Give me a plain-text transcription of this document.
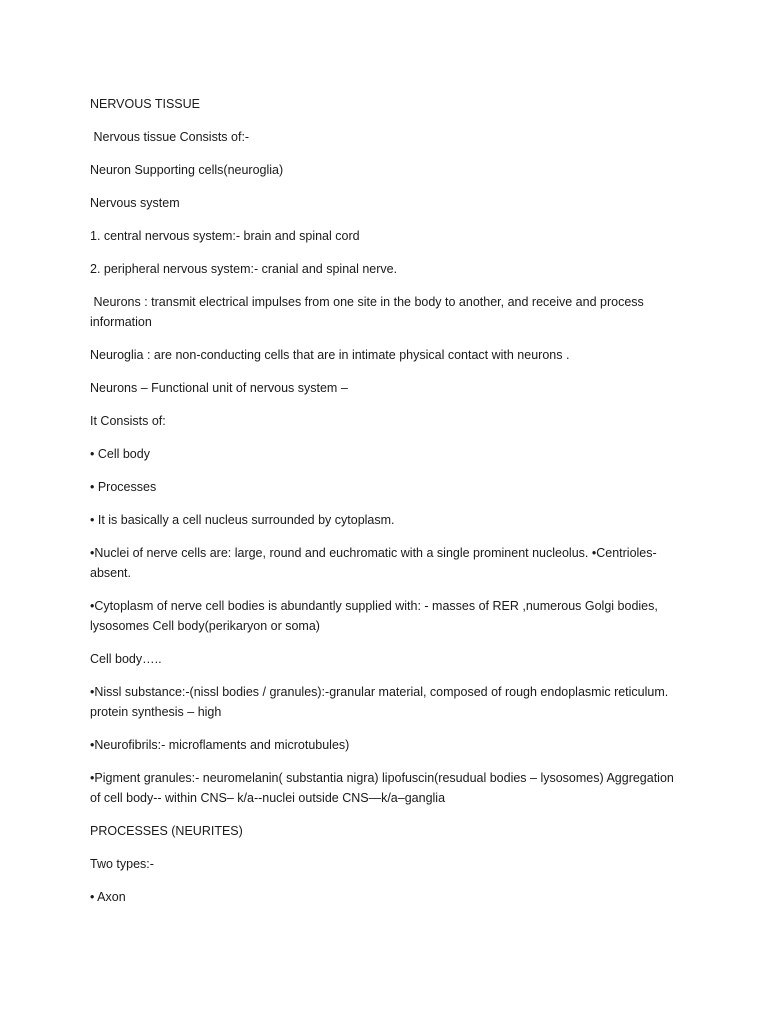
NERVOUS TISSUE

Nervous tissue Consists of:-

Neuron Supporting cells(neuroglia)

Nervous system

1. central nervous system:- brain and spinal cord

2. peripheral nervous system:- cranial and spinal nerve.

Neurons : transmit electrical impulses from one site in the body to another, and receive and process information

Neuroglia : are non-conducting cells that are in intimate physical contact with neurons .

Neurons – Functional unit of nervous system –

It Consists of:

• Cell body

• Processes

• It is basically a cell nucleus surrounded by cytoplasm.

•Nuclei of nerve cells are: large, round and euchromatic with a single prominent nucleolus. •Centrioles- absent.

•Cytoplasm of nerve cell bodies is abundantly supplied with: - masses of RER ,numerous Golgi bodies, lysosomes Cell body(perikaryon or soma)

Cell body…..

•Nissl substance:-(nissl bodies / granules):-granular material, composed of rough endoplasmic reticulum. protein synthesis – high

•Neurofibrils:- microflaments and microtubules)

•Pigment granules:- neuromelanin( substantia nigra) lipofuscin(resudual bodies – lysosomes) Aggregation of cell body-- within CNS– k/a--nuclei outside CNS—k/a–ganglia

PROCESSES (NEURITES)

Two types:-

• Axon
